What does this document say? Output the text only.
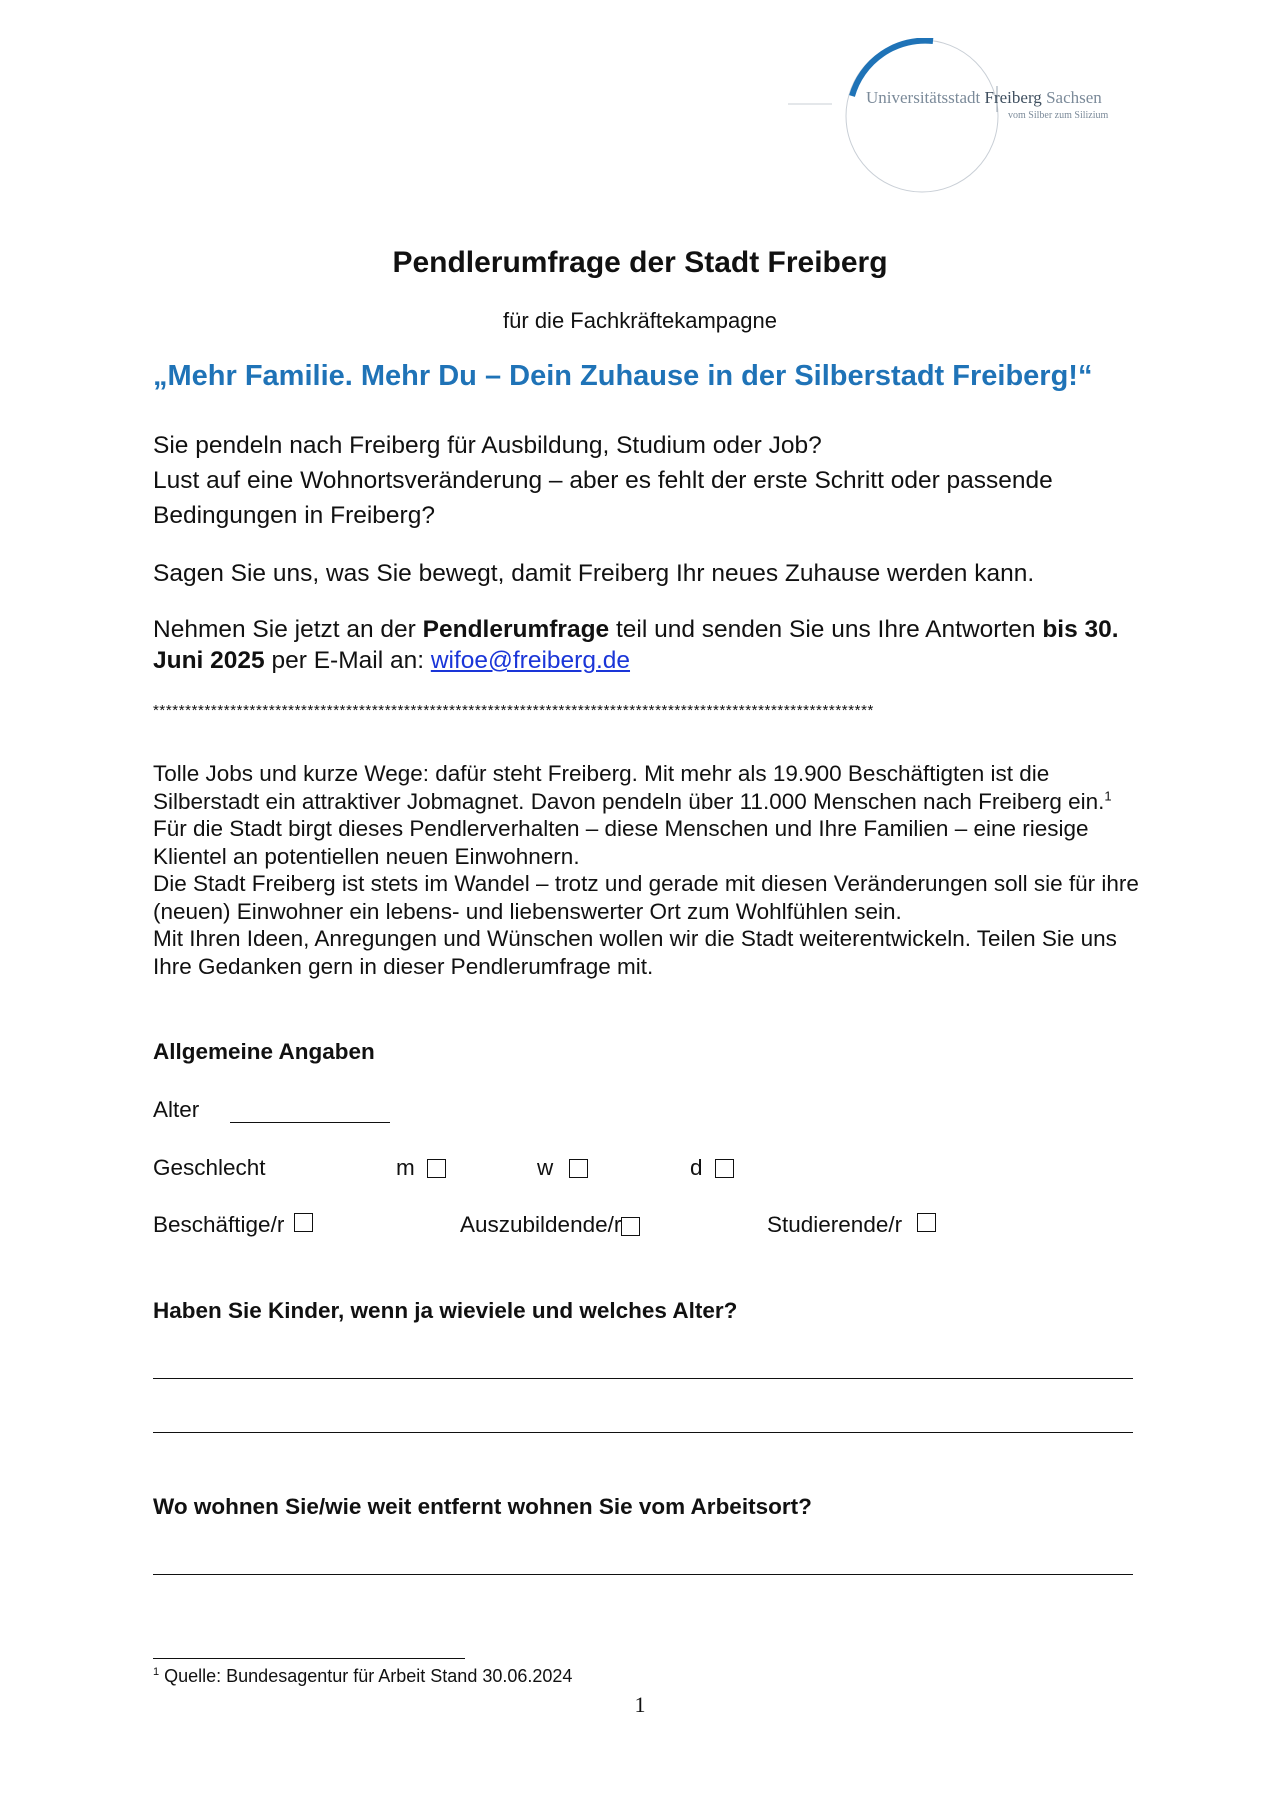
Universitätsstadt Freiberg Sachsen
vom Silber zum Silizium
Pendlerumfrage der Stadt Freiberg
für die Fachkräftekampagne
„Mehr Familie. Mehr Du – Dein Zuhause in der Silberstadt Freiberg!“
Sie pendeln nach Freiberg für Ausbildung, Studium oder Job?
Lust auf eine Wohnortsveränderung – aber es fehlt der erste Schritt oder passende Bedingungen in Freiberg?
Sagen Sie uns, was Sie bewegt, damit Freiberg Ihr neues Zuhause werden kann.
Nehmen Sie jetzt an der Pendlerumfrage teil und senden Sie uns Ihre Antworten bis 30. Juni 2025 per E-Mail an: wifoe@freiberg.de
****************************************************************************************************************
Tolle Jobs und kurze Wege: dafür steht Freiberg. Mit mehr als 19.900 Beschäftigten ist die Silberstadt ein attraktiver Jobmagnet. Davon pendeln über 11.000 Menschen nach Freiberg ein.$^1$ Für die Stadt birgt dieses Pendlerverhalten – diese Menschen und Ihre Familien – eine riesige Klientel an potentiellen neuen Einwohnern.
Die Stadt Freiberg ist stets im Wandel – trotz und gerade mit diesen Veränderungen soll sie für ihre (neuen) Einwohner ein lebens- und liebenswerter Ort zum Wohlfühlen sein.
Mit Ihren Ideen, Anregungen und Wünschen wollen wir die Stadt weiterentwickeln. Teilen Sie uns Ihre Gedanken gern in dieser Pendlerumfrage mit.
Allgemeine Angaben
Alter
Geschlecht	m	w	d
Beschäftige/r	Auszubildende/r	Studierende/r
Haben Sie Kinder, wenn ja wieviele und welches Alter?
Wo wohnen Sie/wie weit entfernt wohnen Sie vom Arbeitsort?
$^1$ Quelle: Bundesagentur für Arbeit Stand 30.06.2024
1
